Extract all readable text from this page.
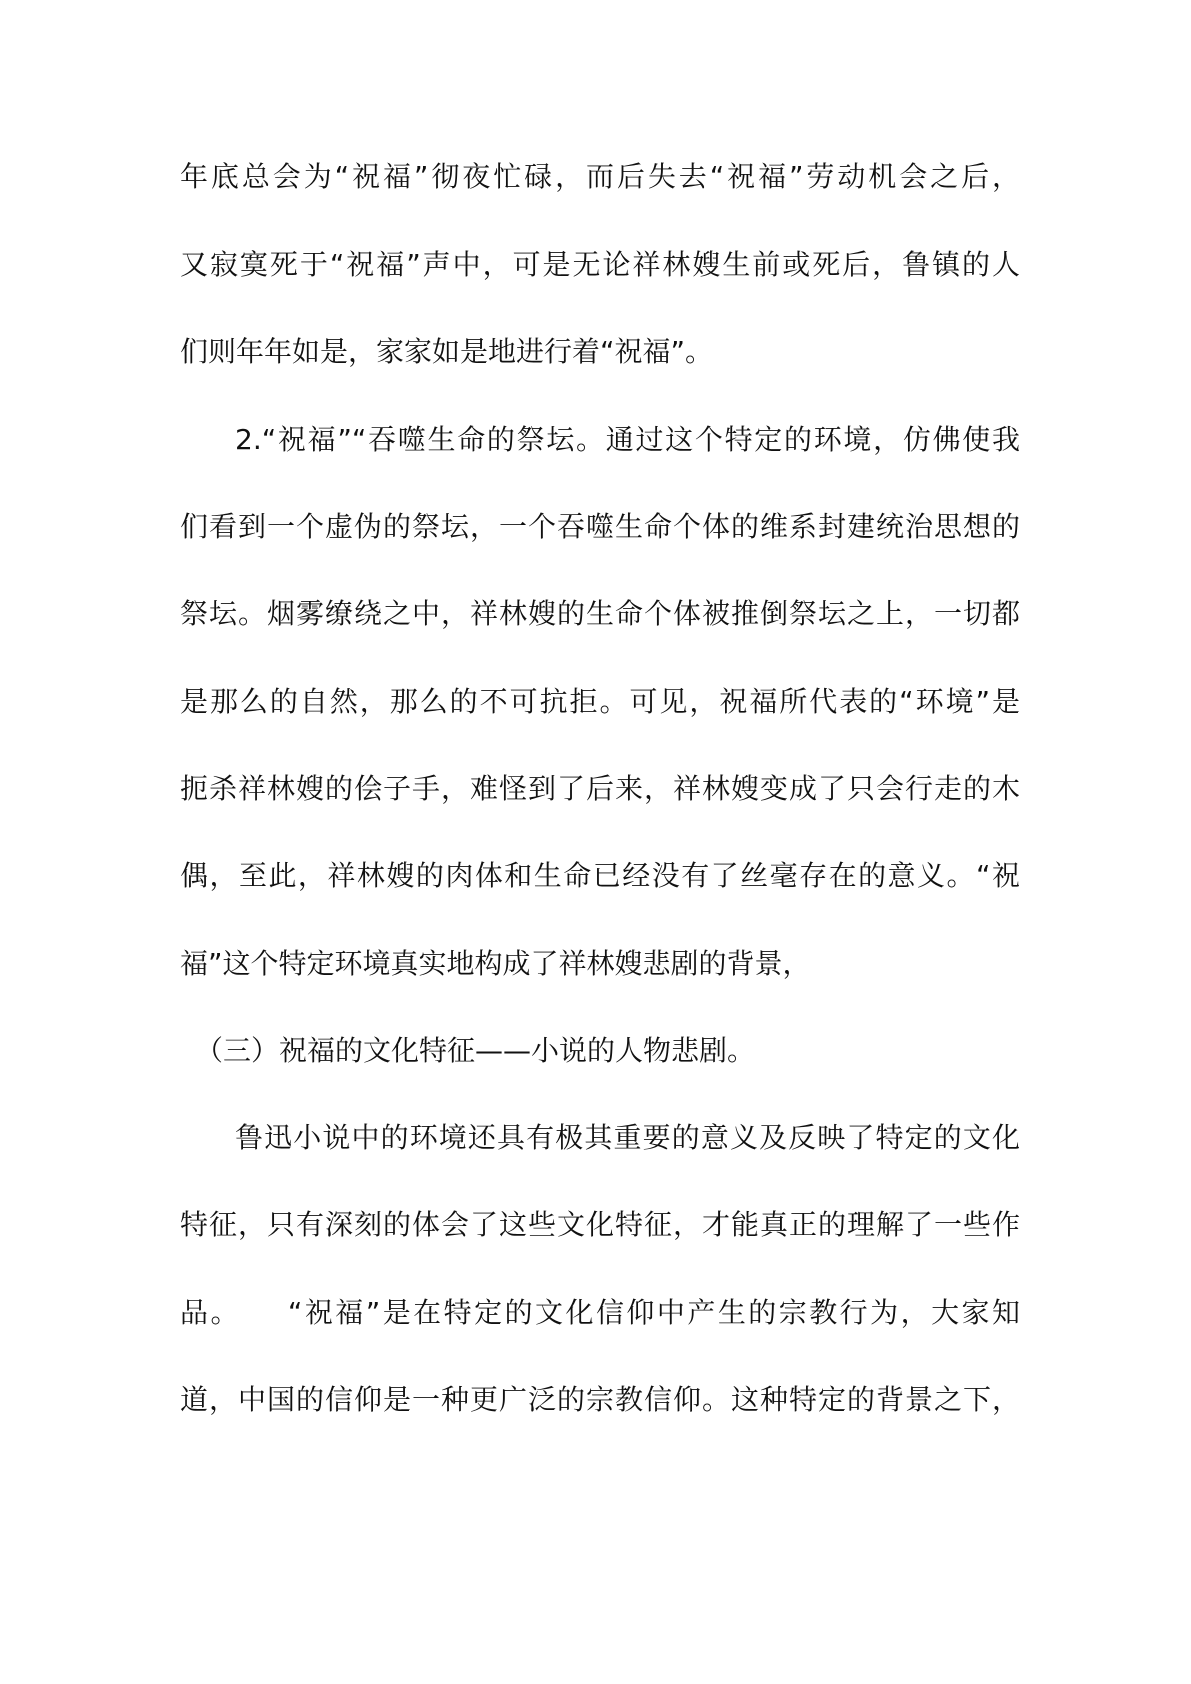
年底总会为“祝福”彻夜忙碌，而后失去“祝福”劳动机会之后，
又寂寞死于“祝福”声中，可是无论祥林嫂生前或死后，鲁镇的人
们则年年如是，家家如是地进行着“祝福”。
2.“祝福”“吞噬生命的祭坛。通过这个特定的环境，仿佛使我
们看到一个虚伪的祭坛，一个吞噬生命个体的维系封建统治思想的
祭坛。烟雾缭绕之中，祥林嫂的生命个体被推倒祭坛之上，一切都
是那么的自然，那么的不可抗拒。可见，祝福所代表的“环境”是
扼杀祥林嫂的侩子手，难怪到了后来，祥林嫂变成了只会行走的木
偶，至此，祥林嫂的肉体和生命已经没有了丝毫存在的意义。“祝
福”这个特定环境真实地构成了祥林嫂悲剧的背景，
（三）祝福的文化特征——小说的人物悲剧。
鲁迅小说中的环境还具有极其重要的意义及反映了特定的文化
特征，只有深刻的体会了这些文化特征，才能真正的理解了一些作
品。　　“祝福”是在特定的文化信仰中产生的宗教行为，大家知
道，中国的信仰是一种更广泛的宗教信仰。这种特定的背景之下，
